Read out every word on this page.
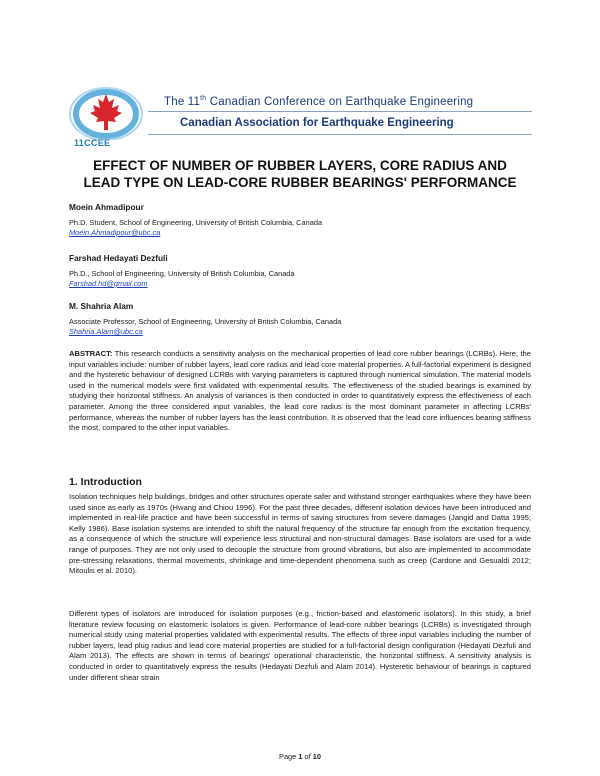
11CCEE
The 11th Canadian Conference on Earthquake Engineering
Canadian Association for Earthquake Engineering
EFFECT OF NUMBER OF RUBBER LAYERS, CORE RADIUS AND
LEAD TYPE ON LEAD-CORE RUBBER BEARINGS' PERFORMANCE
Moein Ahmadipour
Ph.D. Student, School of Engineering, University of British Columbia, Canada
Moein.Ahmadipour@ubc.ca
Farshad Hedayati Dezfuli
Ph.D., School of Engineering, University of British Columbia, Canada
Farshad.hd@gmail.com
M. Shahria Alam
Associate Professor, School of Engineering, University of British Columbia, Canada
Shahria.Alam@ubc.ca

ABSTRACT: This research conducts a sensitivity analysis on the mechanical properties of lead core rubber bearings (LCRBs). Here, the input variables include: number of rubber layers, lead core radius and lead core material properties. A full-factorial experiment is designed and the hysteretic behaviour of designed LCRBs with varying parameters is captured through numerical simulation. The material models used in the numerical models were first validated with experimental results. The effectiveness of the studied bearings is examined by studying their horizontal stiffness. An analysis of variances is then conducted in order to quantitatively express the effectiveness of each parameter. Among the three considered input variables, the lead core radius is the most dominant parameter in affecting LCRBs' performance, whereas the number of rubber layers has the least contribution. It is observed that the lead core influences bearing stiffness the most, compared to the other input variables.

1. Introduction

Isolation techniques help buildings, bridges and other structures operate safer and withstand stronger earthquakes where they have been used since as early as 1970s (Hwang and Chiou 1996). For the past three decades, different isolation devices have been introduced and implemented in real-life practice and have been successful in terms of saving structures from severe damages (Jangid and Datta 1995; Kelly 1986). Base isolation systems are intended to shift the natural frequency of the structure far enough from the excitation frequency, as a consequence of which the structure will experience less structural and non-structural damages. Base isolators are used for a wide range of purposes. They are not only used to decouple the structure from ground vibrations, but also are implemented to accommodate pre-stressing relaxations, thermal movements, shrinkage and time-dependent phenomena such as creep (Cardone and Gesualdi 2012; Mitoulis et al. 2010).

Different types of isolators are introduced for isolation purposes (e.g., friction-based and elastomeric isolators). In this study, a brief literature review focusing on elastomeric isolators is given. Performance of lead-core rubber bearings (LCRBs) is investigated through numerical study using material properties validated with experimental results. The effects of three input variables including the number of rubber layers, lead plug radius and lead core material properties are studied for a full-factorial design configuration (Hedayati Dezfuli and Alam 2013). The effects are shown in terms of bearings' operational characteristic, the horizontal stiffness. A sensitivity analysis is conducted in order to quantitatively express the results (Hedayati Dezfuli and Alam 2014). Hysteretic behaviour of bearings is captured under different shear strain

Page 1 of 10
